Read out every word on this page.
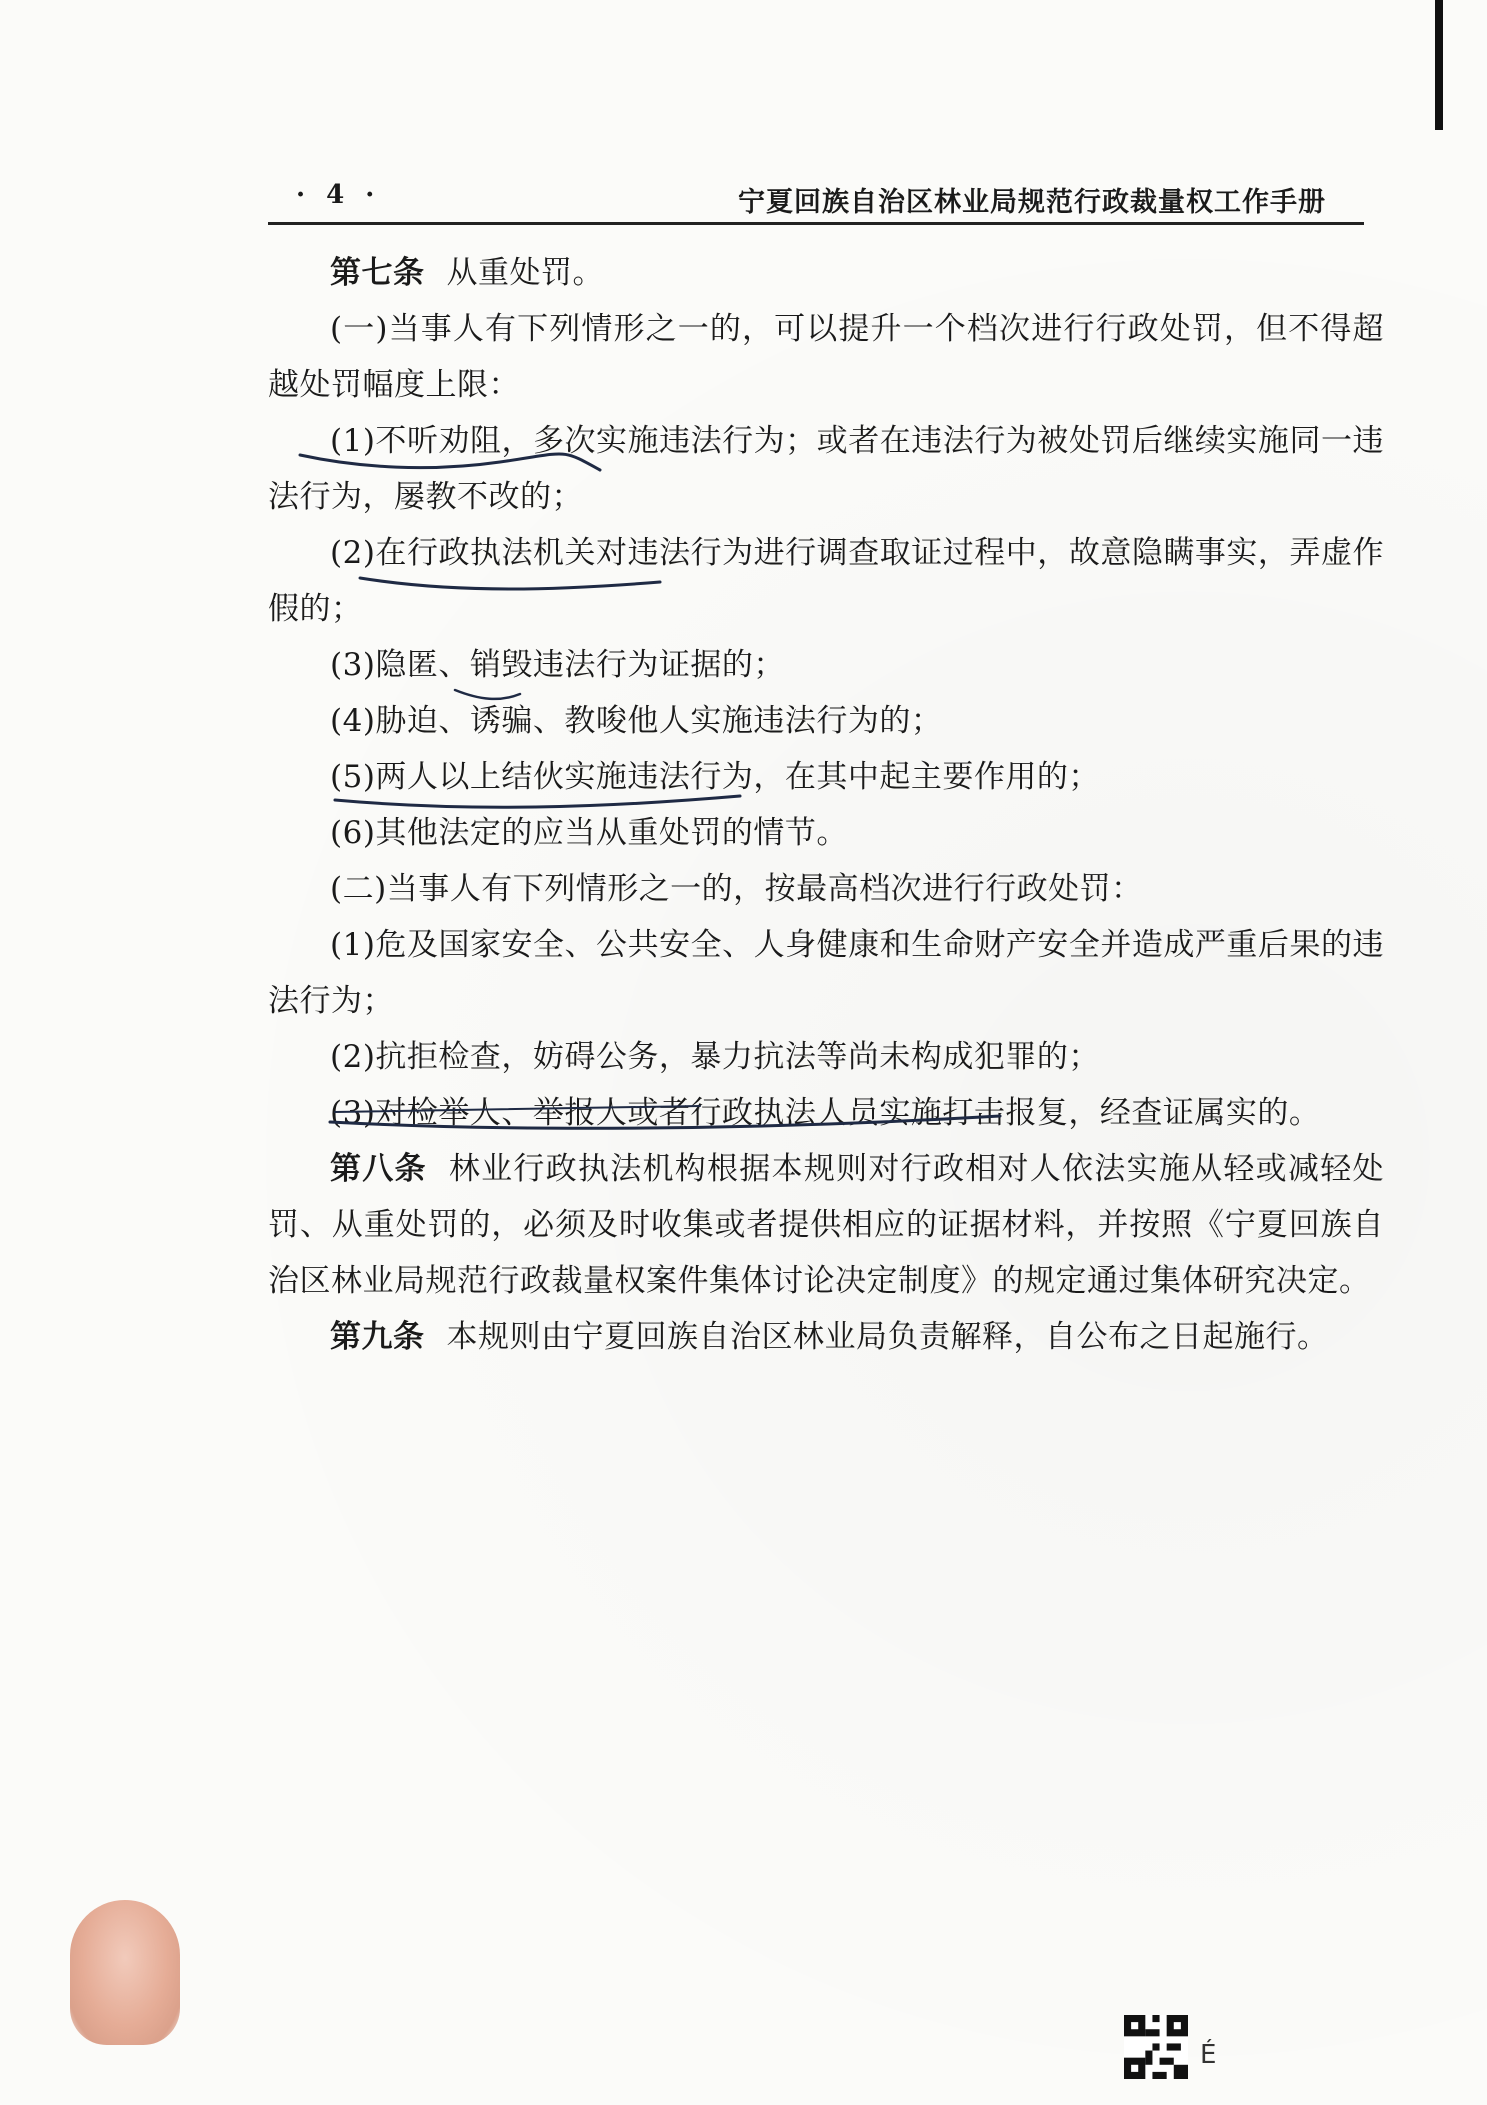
· 4 ·	宁夏回族自治区林业局规范行政裁量权工作手册

第七条 从重处罚。

(一)当事人有下列情形之一的，可以提升一个档次进行行政处罚，但不得超越处罚幅度上限：

(1)不听劝阻，多次实施违法行为；或者在违法行为被处罚后继续实施同一违法行为，屡教不改的；

(2)在行政执法机关对违法行为进行调查取证过程中，故意隐瞒事实，弄虚作假的；

(3)隐匿、销毁违法行为证据的；

(4)胁迫、诱骗、教唆他人实施违法行为的；

(5)两人以上结伙实施违法行为，在其中起主要作用的；

(6)其他法定的应当从重处罚的情节。

(二)当事人有下列情形之一的，按最高档次进行行政处罚：

(1)危及国家安全、公共安全、人身健康和生命财产安全并造成严重后果的违法行为；

(2)抗拒检查，妨碍公务，暴力抗法等尚未构成犯罪的；

(3)对检举人、举报人或者行政执法人员实施打击报复，经查证属实的。

第八条 林业行政执法机构根据本规则对行政相对人依法实施从轻或减轻处罚、从重处罚的，必须及时收集或者提供相应的证据材料，并按照《宁夏回族自治区林业局规范行政裁量权案件集体讨论决定制度》的规定通过集体研究决定。

第九条 本规则由宁夏回族自治区林业局负责解释，自公布之日起施行。

É
